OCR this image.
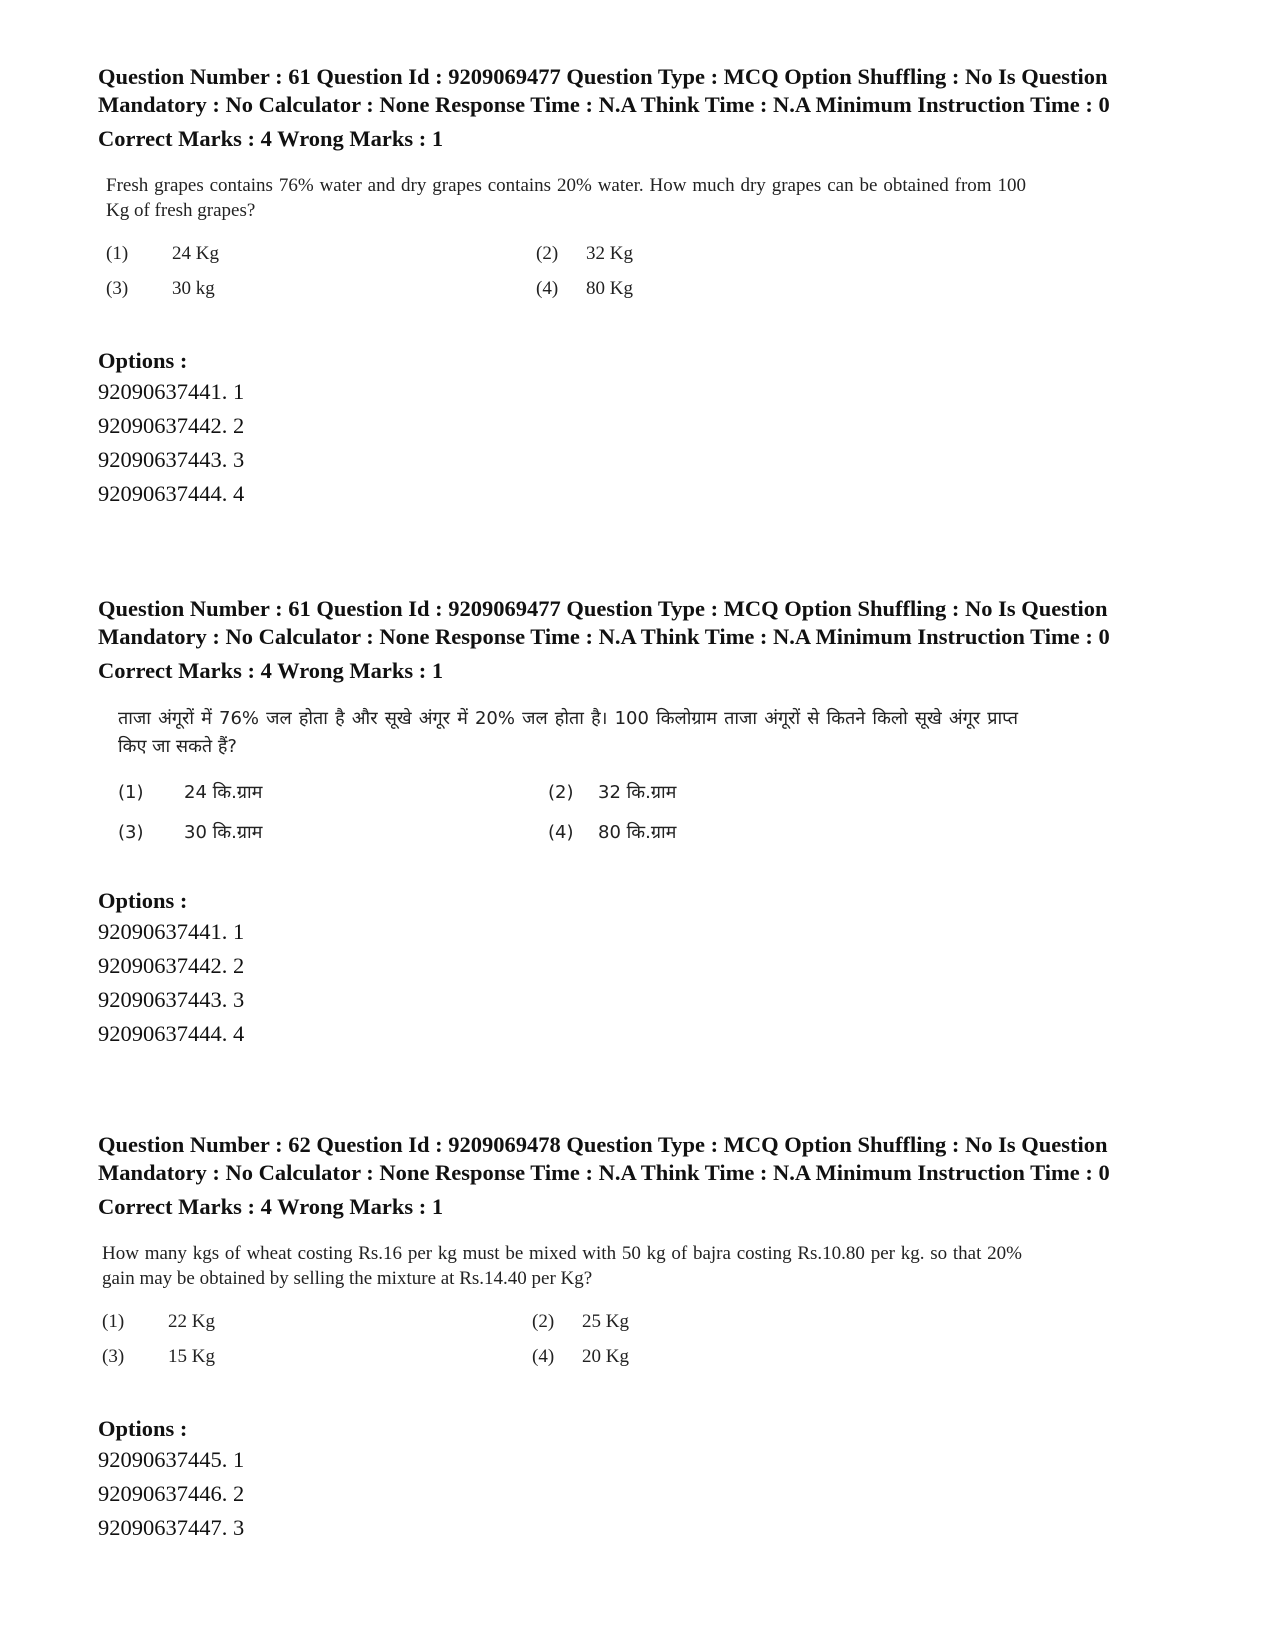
Question Number : 61 Question Id : 9209069477 Question Type : MCQ Option Shuffling : No Is Question Mandatory : No Calculator : None Response Time : N.A Think Time : N.A Minimum Instruction Time : 0
Correct Marks : 4 Wrong Marks : 1
Fresh grapes contains 76% water and dry grapes contains 20% water. How much dry grapes can be obtained from 100 Kg of fresh grapes?
(1)	24 Kg	(2)	32 Kg
(3)	30 kg	(4)	80 Kg
Options :
92090637441. 1
92090637442. 2
92090637443. 3
92090637444. 4
Question Number : 61 Question Id : 9209069477 Question Type : MCQ Option Shuffling : No Is Question Mandatory : No Calculator : None Response Time : N.A Think Time : N.A Minimum Instruction Time : 0
Correct Marks : 4 Wrong Marks : 1
ताजा अंगूरों में 76% जल होता है और सूखे अंगूर में 20% जल होता है। 100 किलोग्राम ताजा अंगूरों से कितने किलो सूखे अंगूर प्राप्त किए जा सकते हैं?
(1)	24 कि.ग्राम	(2)	32 कि.ग्राम
(3)	30 कि.ग्राम	(4)	80 कि.ग्राम
Options :
92090637441. 1
92090637442. 2
92090637443. 3
92090637444. 4
Question Number : 62 Question Id : 9209069478 Question Type : MCQ Option Shuffling : No Is Question Mandatory : No Calculator : None Response Time : N.A Think Time : N.A Minimum Instruction Time : 0
Correct Marks : 4 Wrong Marks : 1
How many kgs of wheat costing Rs.16 per kg must be mixed with 50 kg of bajra costing Rs.10.80 per kg. so that 20% gain may be obtained by selling the mixture at Rs.14.40 per Kg?
(1)	22 Kg	(2)	25 Kg
(3)	15 Kg	(4)	20 Kg
Options :
92090637445. 1
92090637446. 2
92090637447. 3
